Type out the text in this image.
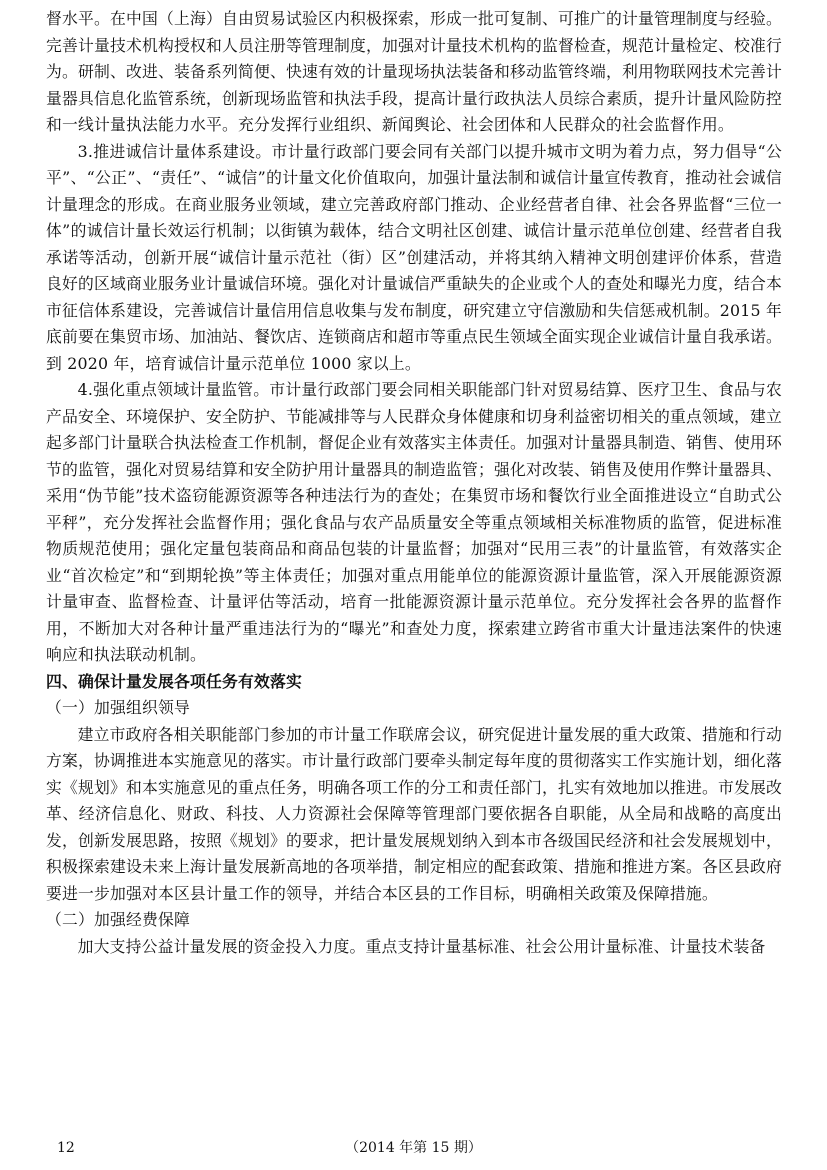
督水平。在中国（上海）自由贸易试验区内积极探索，形成一批可复制、可推广的计量管理制度与经验。完善计量技术机构授权和人员注册等管理制度，加强对计量技术机构的监督检查，规范计量检定、校准行为。研制、改进、装备系列简便、快速有效的计量现场执法装备和移动监管终端，利用物联网技术完善计量器具信息化监管系统，创新现场监管和执法手段，提高计量行政执法人员综合素质，提升计量风险防控和一线计量执法能力水平。充分发挥行业组织、新闻舆论、社会团体和人民群众的社会监督作用。

3.推进诚信计量体系建设。市计量行政部门要会同有关部门以提升城市文明为着力点，努力倡导“公平”、“公正”、“责任”、“诚信”的计量文化价值取向，加强计量法制和诚信计量宣传教育，推动社会诚信计量理念的形成。在商业服务业领域，建立完善政府部门推动、企业经营者自律、社会各界监督“三位一体”的诚信计量长效运行机制；以街镇为载体，结合文明社区创建、诚信计量示范单位创建、经营者自我承诺等活动，创新开展“诚信计量示范社（街）区”创建活动，并将其纳入精神文明创建评价体系，营造良好的区域商业服务业计量诚信环境。强化对计量诚信严重缺失的企业或个人的查处和曝光力度，结合本市征信体系建设，完善诚信计量信用信息收集与发布制度，研究建立守信激励和失信惩戒机制。2015 年底前要在集贸市场、加油站、餐饮店、连锁商店和超市等重点民生领域全面实现企业诚信计量自我承诺。到 2020 年，培育诚信计量示范单位 1000 家以上。

4.强化重点领域计量监管。市计量行政部门要会同相关职能部门针对贸易结算、医疗卫生、食品与农产品安全、环境保护、安全防护、节能减排等与人民群众身体健康和切身利益密切相关的重点领域，建立起多部门计量联合执法检查工作机制，督促企业有效落实主体责任。加强对计量器具制造、销售、使用环节的监管，强化对贸易结算和安全防护用计量器具的制造监管；强化对改装、销售及使用作弊计量器具、采用“伪节能”技术盗窃能源资源等各种违法行为的查处；在集贸市场和餐饮行业全面推进设立“自助式公平秤”，充分发挥社会监督作用；强化食品与农产品质量安全等重点领域相关标准物质的监管，促进标准物质规范使用；强化定量包装商品和商品包装的计量监督；加强对“民用三表”的计量监管，有效落实企业“首次检定”和“到期轮换”等主体责任；加强对重点用能单位的能源资源计量监管，深入开展能源资源计量审查、监督检查、计量评估等活动，培育一批能源资源计量示范单位。充分发挥社会各界的监督作用，不断加大对各种计量严重违法行为的“曝光”和查处力度，探索建立跨省市重大计量违法案件的快速响应和执法联动机制。

四、确保计量发展各项任务有效落实

（一）加强组织领导

建立市政府各相关职能部门参加的市计量工作联席会议，研究促进计量发展的重大政策、措施和行动方案，协调推进本实施意见的落实。市计量行政部门要牵头制定每年度的贯彻落实工作实施计划，细化落实《规划》和本实施意见的重点任务，明确各项工作的分工和责任部门，扎实有效地加以推进。市发展改革、经济信息化、财政、科技、人力资源社会保障等管理部门要依据各自职能，从全局和战略的高度出发，创新发展思路，按照《规划》的要求，把计量发展规划纳入到本市各级国民经济和社会发展规划中，积极探索建设未来上海计量发展新高地的各项举措，制定相应的配套政策、措施和推进方案。各区县政府要进一步加强对本区县计量工作的领导，并结合本区县的工作目标，明确相关政策及保障措施。

（二）加强经费保障

加大支持公益计量发展的资金投入力度。重点支持计量基标准、社会公用计量标准、计量技术装备

12	（2014 年第 15 期）
